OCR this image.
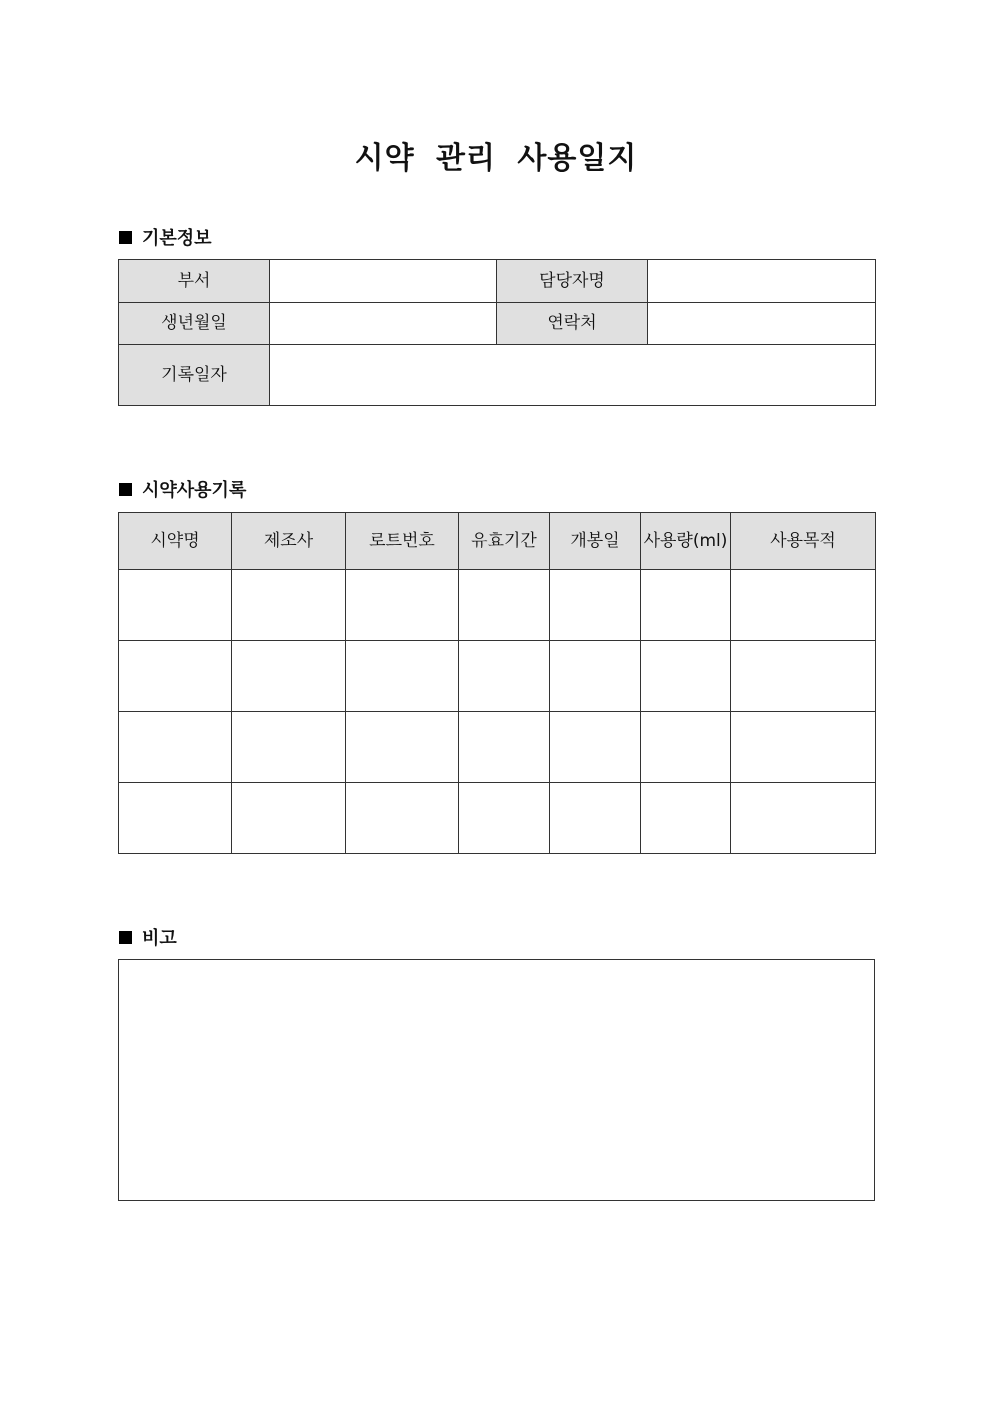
시약 관리 사용일지
기본정보
부서		담당자명	
생년월일		연락처	
기록일자			
시약사용기록
시약명	제조사	로트번호	유효기간	개봉일	사용량(ml)	사용목적

비고
